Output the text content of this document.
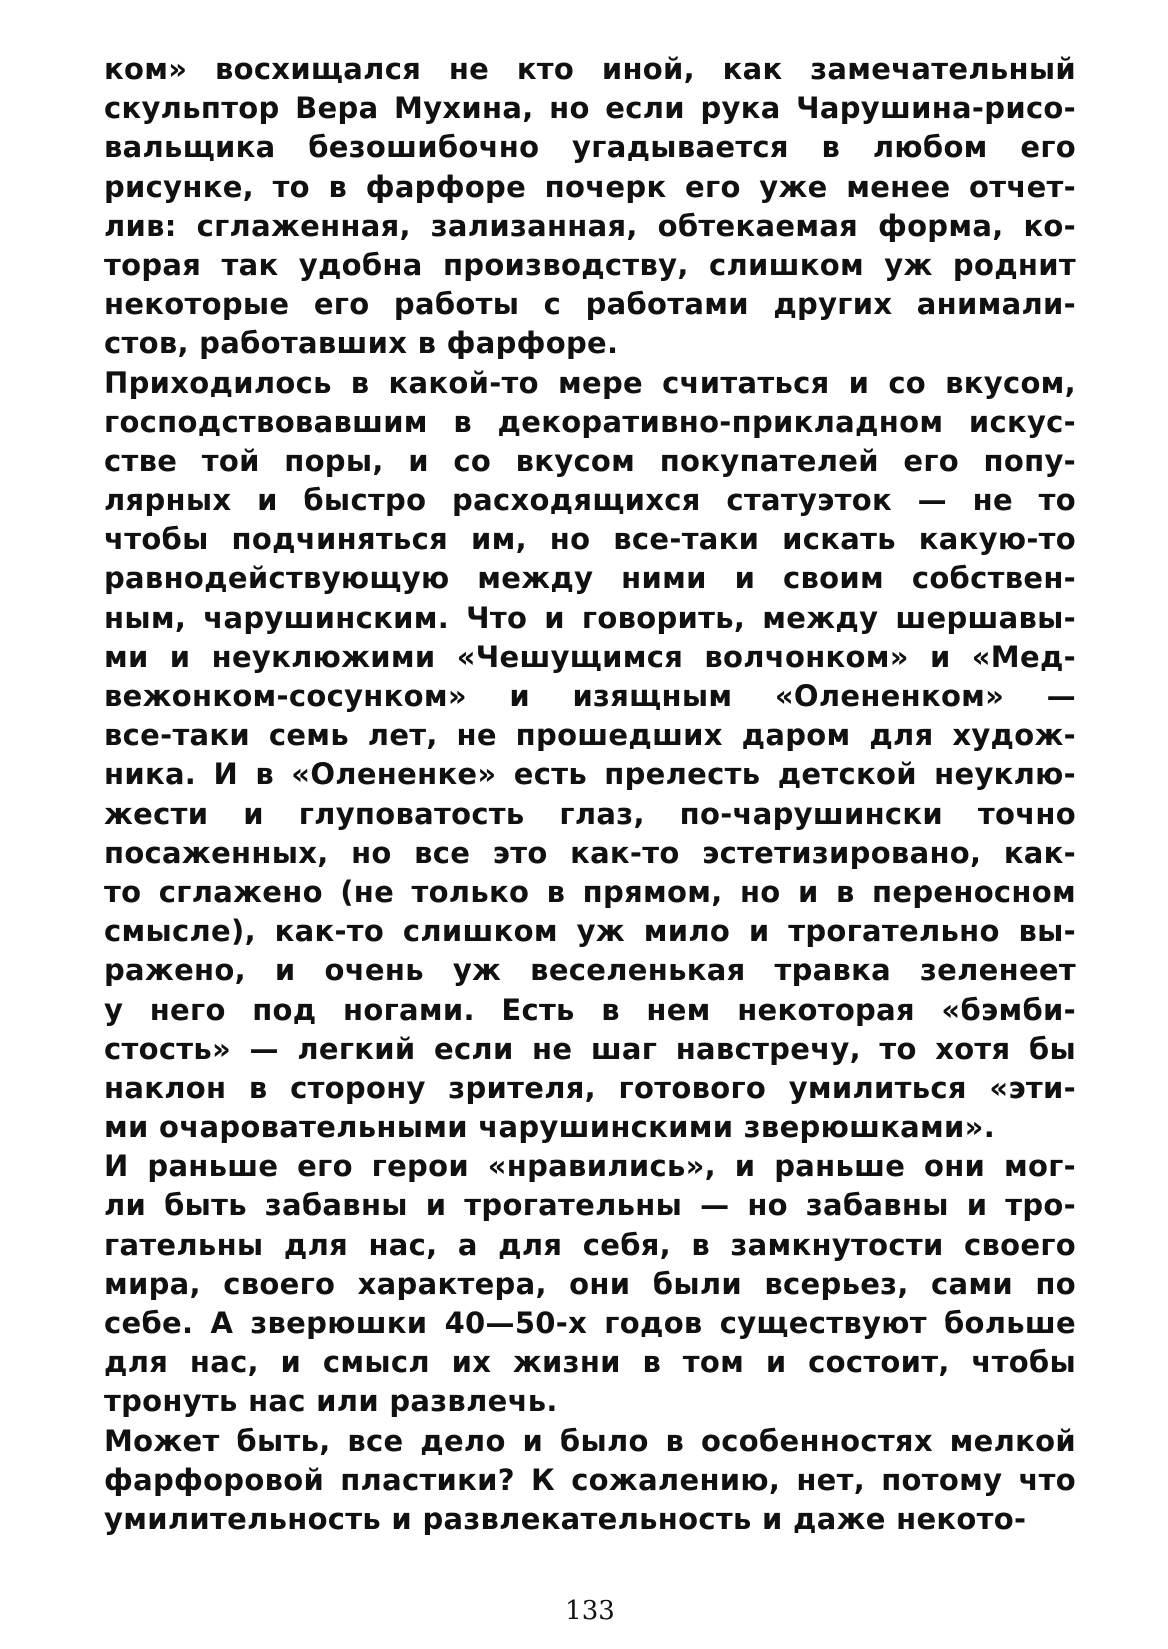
ком» восхищался не кто иной, как замечательный
скульптор Вера Мухина, но если рука Чарушина-рисо-
вальщика безошибочно угадывается в любом его
рисунке, то в фарфоре почерк его уже менее отчет-
лив: сглаженная, зализанная, обтекаемая форма, ко-
торая так удобна производству, слишком уж роднит
некоторые его работы с работами других анимали-
стов, работавших в фарфоре.
Приходилось в какой-то мере считаться и со вкусом,
господствовавшим в декоративно-прикладном искус-
стве той поры, и со вкусом покупателей его попу-
лярных и быстро расходящихся статуэток — не то
чтобы подчиняться им, но все-таки искать какую-то
равнодействующую между ними и своим собствен-
ным, чарушинским. Что и говорить, между шершавы-
ми и неуклюжими «Чешущимся волчонком» и «Мед-
вежонком-сосунком» и изящным «Олененком» —
все-таки семь лет, не прошедших даром для худож-
ника. И в «Олененке» есть прелесть детской неуклю-
жести и глуповатость глаз, по-чарушински точно
посаженных, но все это как-то эстетизировано, как-
то сглажено (не только в прямом, но и в переносном
смысле), как-то слишком уж мило и трогательно вы-
ражено, и очень уж веселенькая травка зеленеет
у него под ногами. Есть в нем некоторая «бэмби-
стость» — легкий если не шаг навстречу, то хотя бы
наклон в сторону зрителя, готового умилиться «эти-
ми очаровательными чарушинскими зверюшками».
И раньше его герои «нравились», и раньше они мог-
ли быть забавны и трогательны — но забавны и тро-
гательны для нас, а для себя, в замкнутости своего
мира, своего характера, они были всерьез, сами по
себе. А зверюшки 40—50-х годов существуют больше
для нас, и смысл их жизни в том и состоит, чтобы
тронуть нас или развлечь.
Может быть, все дело и было в особенностях мелкой
фарфоровой пластики? К сожалению, нет, потому что
умилительность и развлекательность и даже некото-
133
